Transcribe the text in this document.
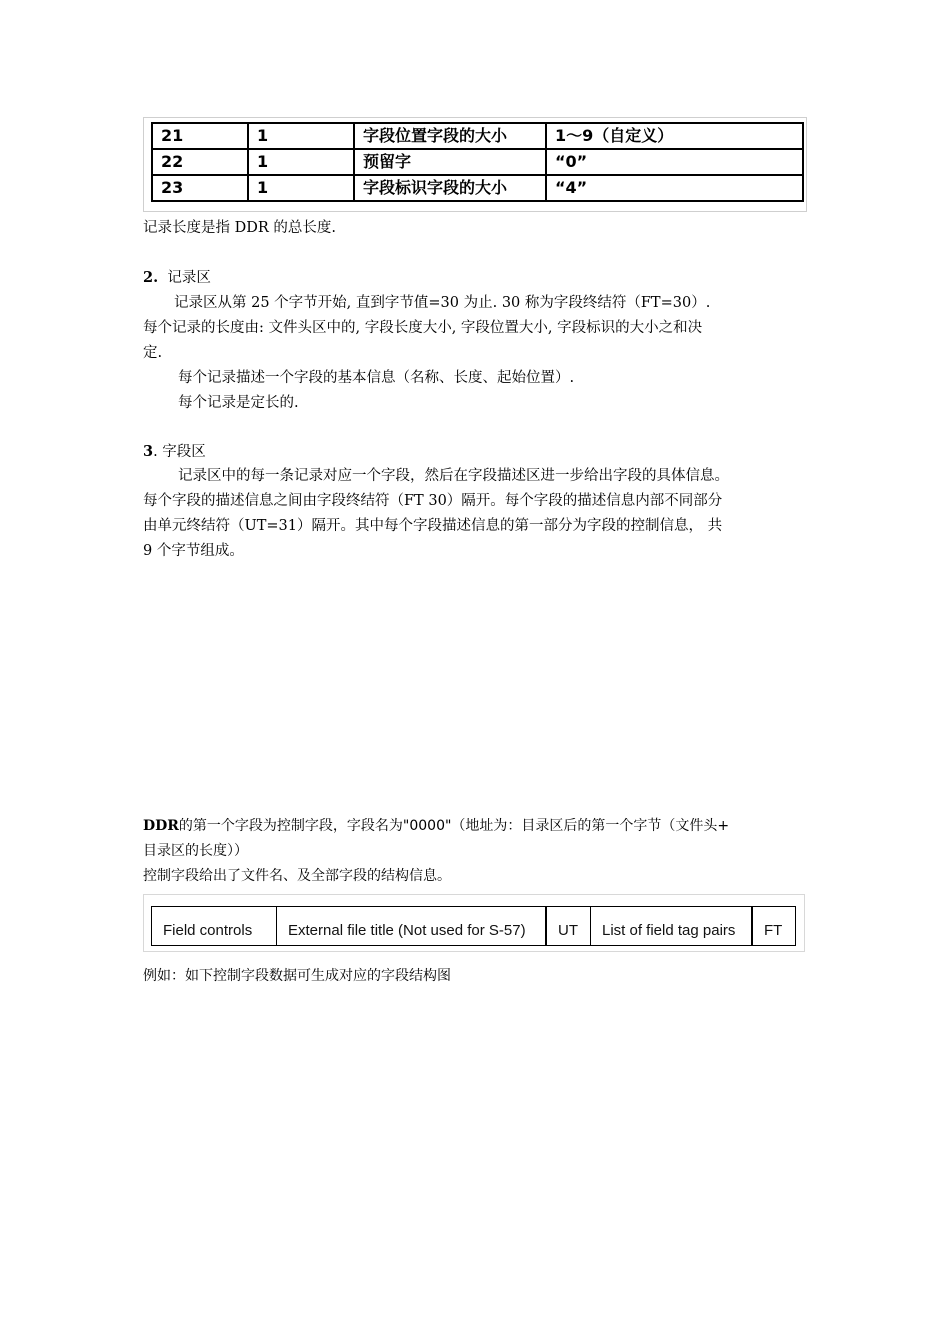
21	1	字段位置字段的大小	1～9（自定义）
22	1	预留字	“0”
23	1	字段标识字段的大小	“4”
记录长度是指 DDR 的总长度.
2. 记录区
记录区从第 25 个字节开始, 直到字节值=30 为止. 30 称为字段终结符（FT=30）.
每个记录的长度由: 文件头区中的, 字段长度大小, 字段位置大小, 字段标识的大小之和决
定.
每个记录描述一个字段的基本信息（名称、长度、起始位置）.
每个记录是定长的.
3. 字段区
记录区中的每一条记录对应一个字段，然后在字段描述区进一步给出字段的具体信息。
每个字段的描述信息之间由字段终结符（FT 30）隔开。每个字段的描述信息内部不同部分
由单元终结符（UT=31）隔开。其中每个字段描述信息的第一部分为字段的控制信息， 共
9 个字节组成。
DDR的第一个字段为控制字段，字段名为"0000"（地址为：目录区后的第一个字节（文件头+
目录区的长度））
控制字段给出了文件名、及全部字段的结构信息。
Field controls	External file title (Not used for S-57)	UT	List of field tag pairs	FT
例如：如下控制字段数据可生成对应的字段结构图
